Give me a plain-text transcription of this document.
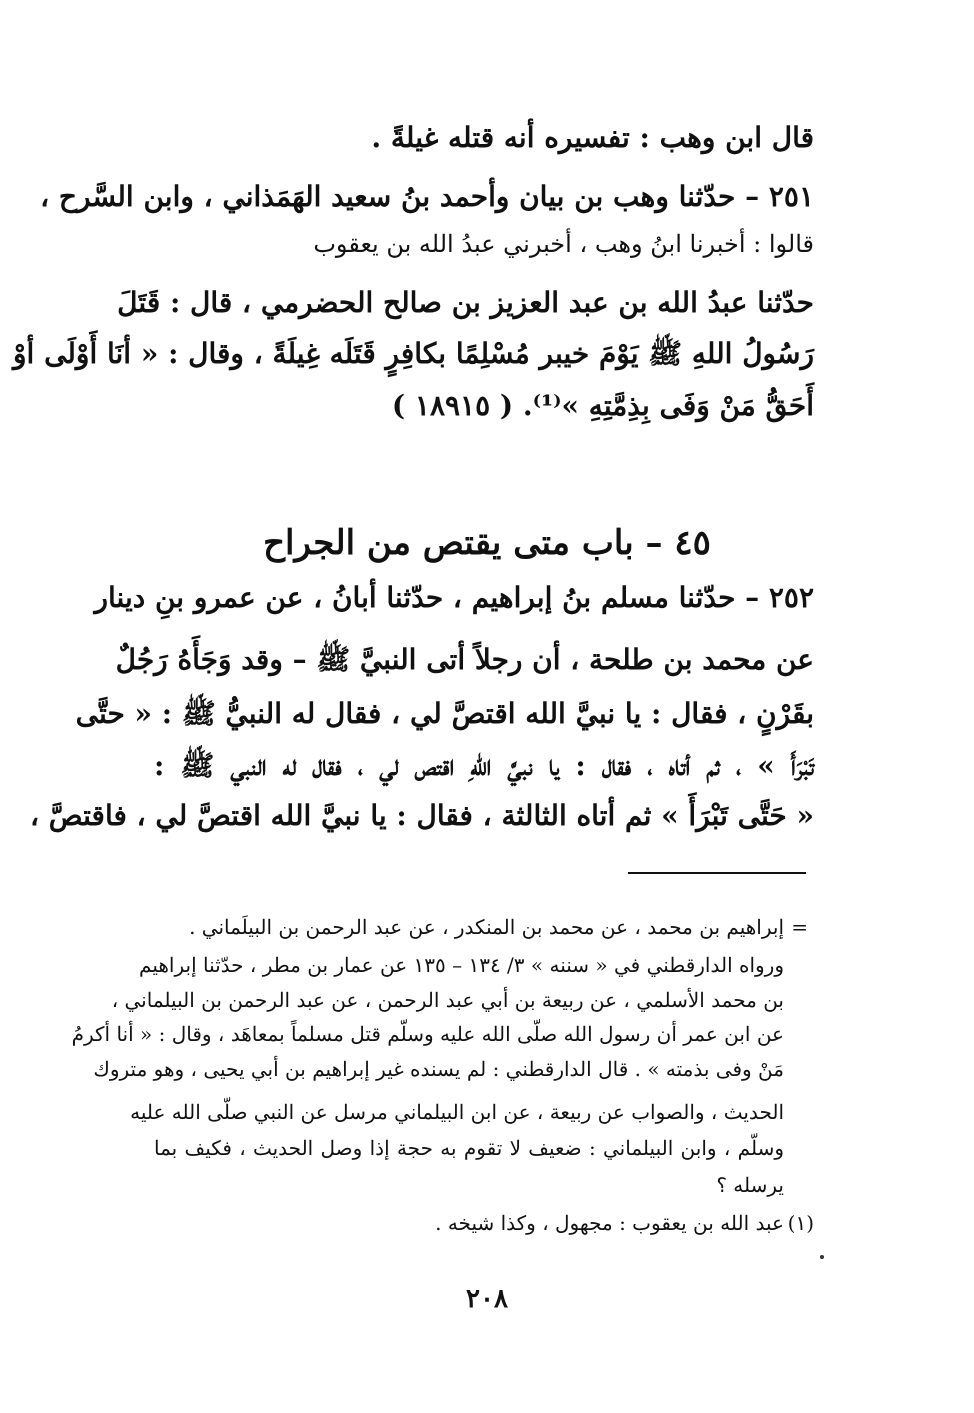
قال ابن وهب : تفسيره أنه قتله غيلةً .

٢٥١ – حدّثنا وهب بن بيان وأحمد بنُ سعيد الهَمَذاني ، وابن السَّرح ،

قالوا : أخبرنا ابنُ وهب ، أخبرني عبدُ الله بن يعقوب

حدّثنا عبدُ الله بن عبد العزيز بن صالح الحضرمي ، قال : قَتَلَ

رَسُولُ اللهِ ﷺ يَوْمَ خيبر مُسْلِمًا بكافِرٍ قَتَلَه غِيلَةً ، وقال : « أنَا أَوْلَى أوْ

أَحَقُّ مَنْ وَفَى بِذِمَّتِهِ »⁽¹⁾. ( ١٨٩١٥ )

٤٥ – باب متى يقتص من الجراح

٢٥٢ – حدّثنا مسلم بنُ إبراهيم ، حدّثنا أبانُ ، عن عمرو بنِ دينار

عن محمد بن طلحة ، أن رجلاً أتى النبيَّ ﷺ – وقد وَجَأَهُ رَجُلٌ

بقَرْنٍ ، فقال : يا نبيَّ الله اقتصَّ لي ، فقال له النبيُّ ﷺ : « حتَّى

تَبْرَأَ » ، ثم أتاه ، فقال : يا نبيَّ اللهِ اقتص لي ، فقال له النبي ﷺ :

« حَتَّى تَبْرَأَ » ثم أتاه الثالثة ، فقال : يا نبيَّ الله اقتصَّ لي ، فاقتصَّ ،

=

إبراهيم بن محمد ، عن محمد بن المنكدر ، عن عبد الرحمن بن البيلَماني .

ورواه الدارقطني في « سننه » ٣/ ١٣٤ – ١٣٥ عن عمار بن مطر ، حدّثنا إبراهيم

بن محمد الأسلمي ، عن ربيعة بن أبي عبد الرحمن ، عن عبد الرحمن بن البيلماني ،

عن ابن عمر أن رسول الله صلّى الله عليه وسلّم قتل مسلماً بمعاهَد ، وقال : « أنا أكرمُ

مَنْ وفى بذمته » . قال الدارقطني : لم يسنده غير إبراهيم بن أبي يحيى ، وهو متروك

الحديث ، والصواب عن ربيعة ، عن ابن البيلماني مرسل عن النبي صلّى الله عليه

وسلّم ، وابن البيلماني : ضعيف لا تقوم به حجة إذا وصل الحديث ، فكيف بما

يرسله ؟

(١)

عبد الله بن يعقوب : مجهول ، وكذا شيخه .

٢٠٨
